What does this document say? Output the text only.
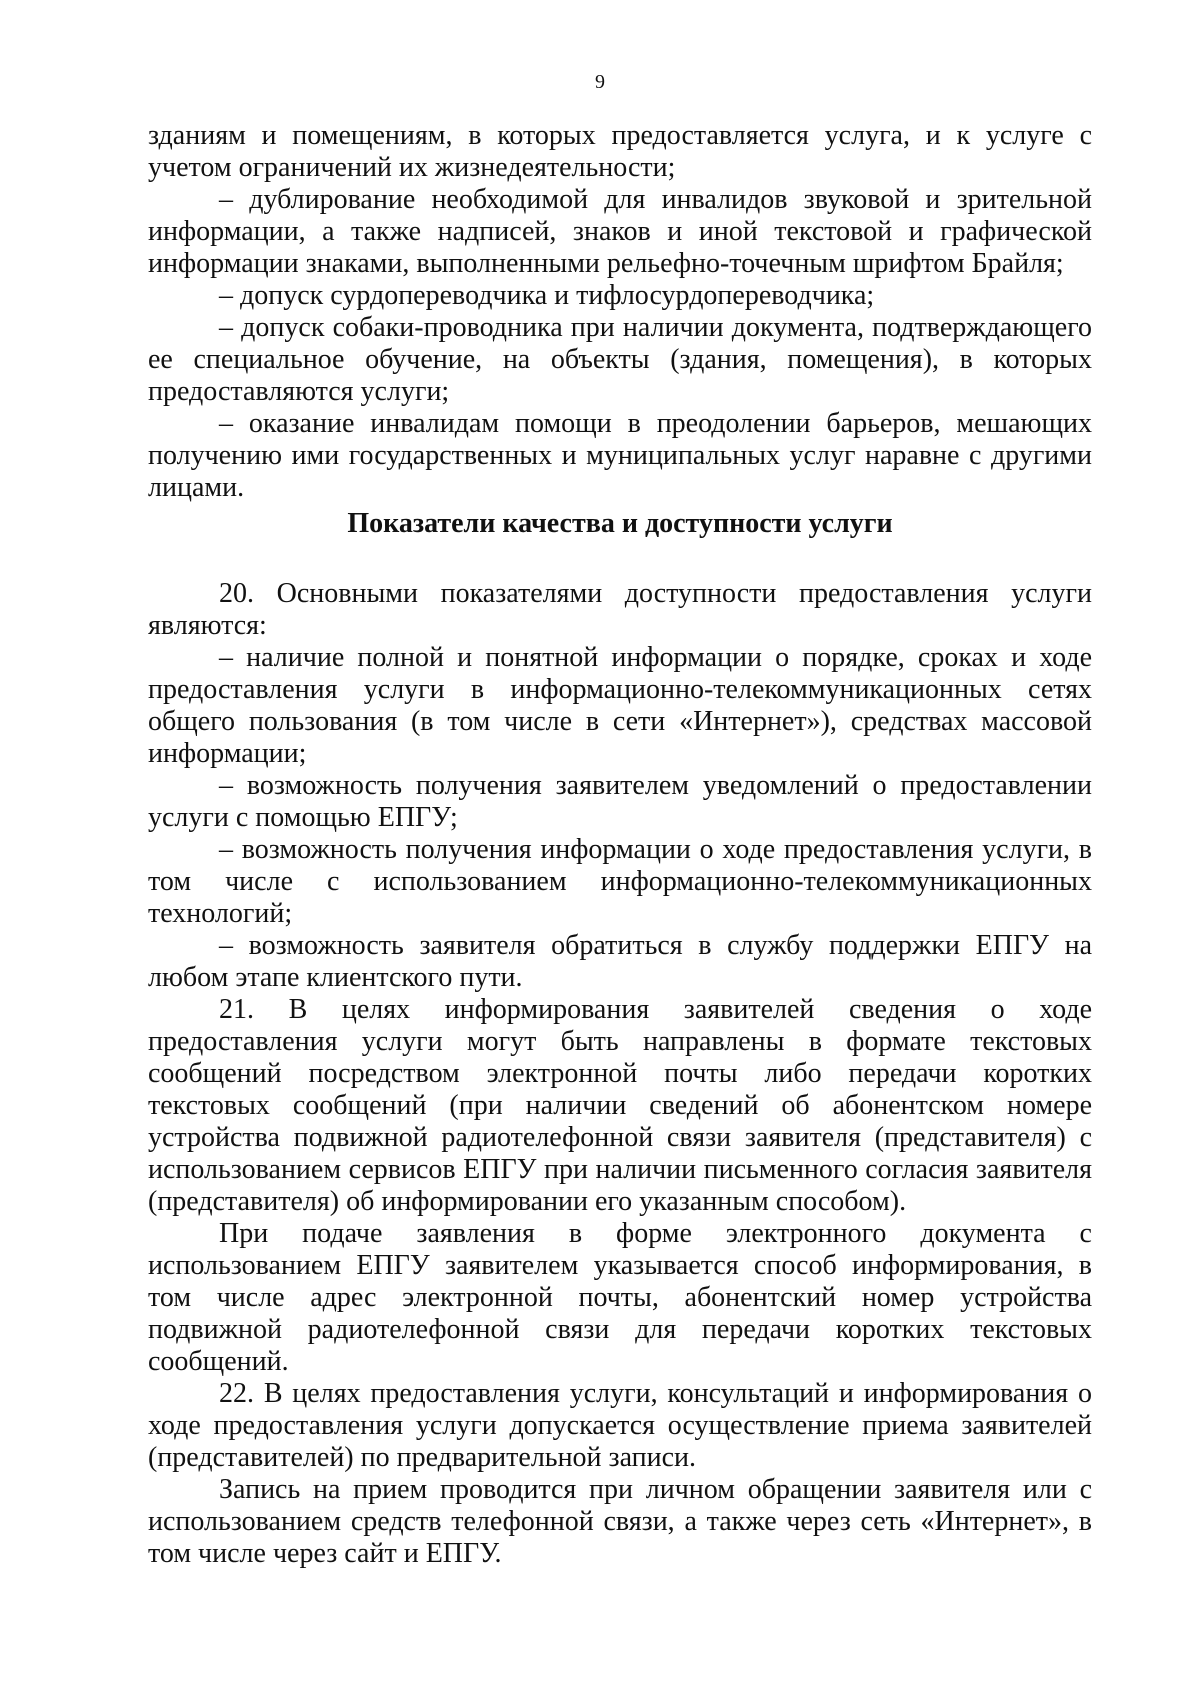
9

зданиям и помещениям, в которых предоставляется услуга, и к услуге с учетом ограничений их жизнедеятельности;

– дублирование необходимой для инвалидов звуковой и зрительной информации, а также надписей, знаков и иной текстовой и графической информации знаками, выполненными рельефно-точечным шрифтом Брайля;

– допуск сурдопереводчика и тифлосурдопереводчика;

– допуск собаки-проводника при наличии документа, подтверждающего ее специальное обучение, на объекты (здания, помещения), в которых предоставляются услуги;

– оказание инвалидам помощи в преодолении барьеров, мешающих получению ими государственных и муниципальных услуг наравне с другими лицами.

Показатели качества и доступности услуги

20. Основными показателями доступности предоставления услуги являются:

– наличие полной и понятной информации о порядке, сроках и ходе предоставления услуги в информационно-телекоммуникационных сетях общего пользования (в том числе в сети «Интернет»), средствах массовой информации;

– возможность получения заявителем уведомлений о предоставлении услуги с помощью ЕПГУ;

– возможность получения информации о ходе предоставления услуги, в том числе с использованием информационно-телекоммуникационных технологий;

– возможность заявителя обратиться в службу поддержки ЕПГУ на любом этапе клиентского пути.

21. В целях информирования заявителей сведения о ходе предоставления услуги могут быть направлены в формате текстовых сообщений посредством электронной почты либо передачи коротких текстовых сообщений (при наличии сведений об абонентском номере устройства подвижной радиотелефонной связи заявителя (представителя) с использованием сервисов ЕПГУ при наличии письменного согласия заявителя (представителя) об информировании его указанным способом).

При подаче заявления в форме электронного документа с использованием ЕПГУ заявителем указывается способ информирования, в том числе адрес электронной почты, абонентский номер устройства подвижной радиотелефонной связи для передачи коротких текстовых сообщений.

22. В целях предоставления услуги, консультаций и информирования о ходе предоставления услуги допускается осуществление приема заявителей (представителей) по предварительной записи.

Запись на прием проводится при личном обращении заявителя или с использованием средств телефонной связи, а также через сеть «Интернет», в том числе через сайт и ЕПГУ.
